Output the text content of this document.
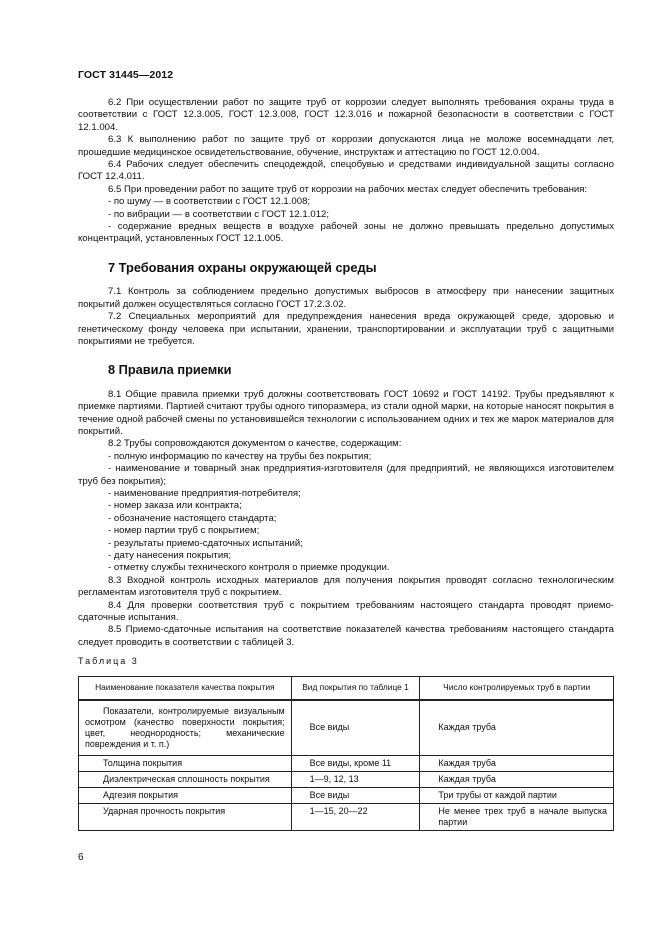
ГОСТ 31445—2012

6.2 При осуществлении работ по защите труб от коррозии следует выполнять требования охраны труда в соответствии с ГОСТ 12.3.005, ГОСТ 12.3.008, ГОСТ 12.3.016 и пожарной безопасности в соответствии с ГОСТ 12.1.004.

6.3 К выполнению работ по защите труб от коррозии допускаются лица не моложе восемнадцати лет, прошедшие медицинское освидетельствование, обучение, инструктаж и аттестацию по ГОСТ 12.0.004.

6.4 Рабочих следует обеспечить спецодеждой, спецобувью и средствами индивидуальной защиты согласно ГОСТ 12.4.011.

6.5 При проведении работ по защите труб от коррозии на рабочих местах следует обеспечить требования:

- по шуму — в соответствии с ГОСТ 12.1.008;

- по вибрации — в соответствии с ГОСТ 12.1.012;

- содержание вредных веществ в воздухе рабочей зоны не должно превышать предельно допустимых концентраций, установленных ГОСТ 12.1.005.

7 Требования охраны окружающей среды

7.1 Контроль за соблюдением предельно допустимых выбросов в атмосферу при нанесении защитных покрытий должен осуществляться согласно ГОСТ 17.2.3.02.

7.2 Специальных мероприятий для предупреждения нанесения вреда окружающей среде, здоровью и генетическому фонду человека при испытании, хранении, транспортировании и эксплуатации труб с защитными покрытиями не требуется.

8 Правила приемки

8.1 Общие правила приемки труб должны соответствовать ГОСТ 10692 и ГОСТ 14192. Трубы предъявляют к приемке партиями. Партией считают трубы одного типоразмера, из стали одной марки, на которые наносят покрытия в течение одной рабочей смены по установившейся технологии с использованием одних и тех же марок материалов для покрытий.

8.2 Трубы сопровождаются документом о качестве, содержащим:

- полную информацию по качеству на трубы без покрытия;

- наименование и товарный знак предприятия-изготовителя (для предприятий, не являющихся изготовителем труб без покрытия);

- наименование предприятия-потребителя;

- номер заказа или контракта;

- обозначение настоящего стандарта;

- номер партии труб с покрытием;

- результаты приемо-сдаточных испытаний;

- дату нанесения покрытия;

- отметку службы технического контроля о приемке продукции.

8.3 Входной контроль исходных материалов для получения покрытия проводят согласно технологическим регламентам изготовителя труб с покрытием.

8.4 Для проверки соответствия труб с покрытием требованиям настоящего стандарта проводят приемо-сдаточные испытания.

8.5 Приемо-сдаточные испытания на соответствие показателей качества требованиям настоящего стандарта следует проводить в соответствии с таблицей 3.

Таблица 3
Наименование показателя качества покрытия	Вид покрытия по таблице 1	Число контролируемых труб в партии
Показатели, контролируемые визуальным осмотром (качество поверхности покрытия; цвет, неоднородность; механические повреждения и т. п.)	Все виды	Каждая труба
Толщина покрытия	Все виды, кроме 11	Каждая труба
Диэлектрическая сплошность покрытия	1—9, 12, 13	Каждая труба
Адгезия покрытия	Все виды	Три трубы от каждой партии
Ударная прочность покрытия	1—15, 20—22	Не менее трех труб в начале выпуска партии
6
